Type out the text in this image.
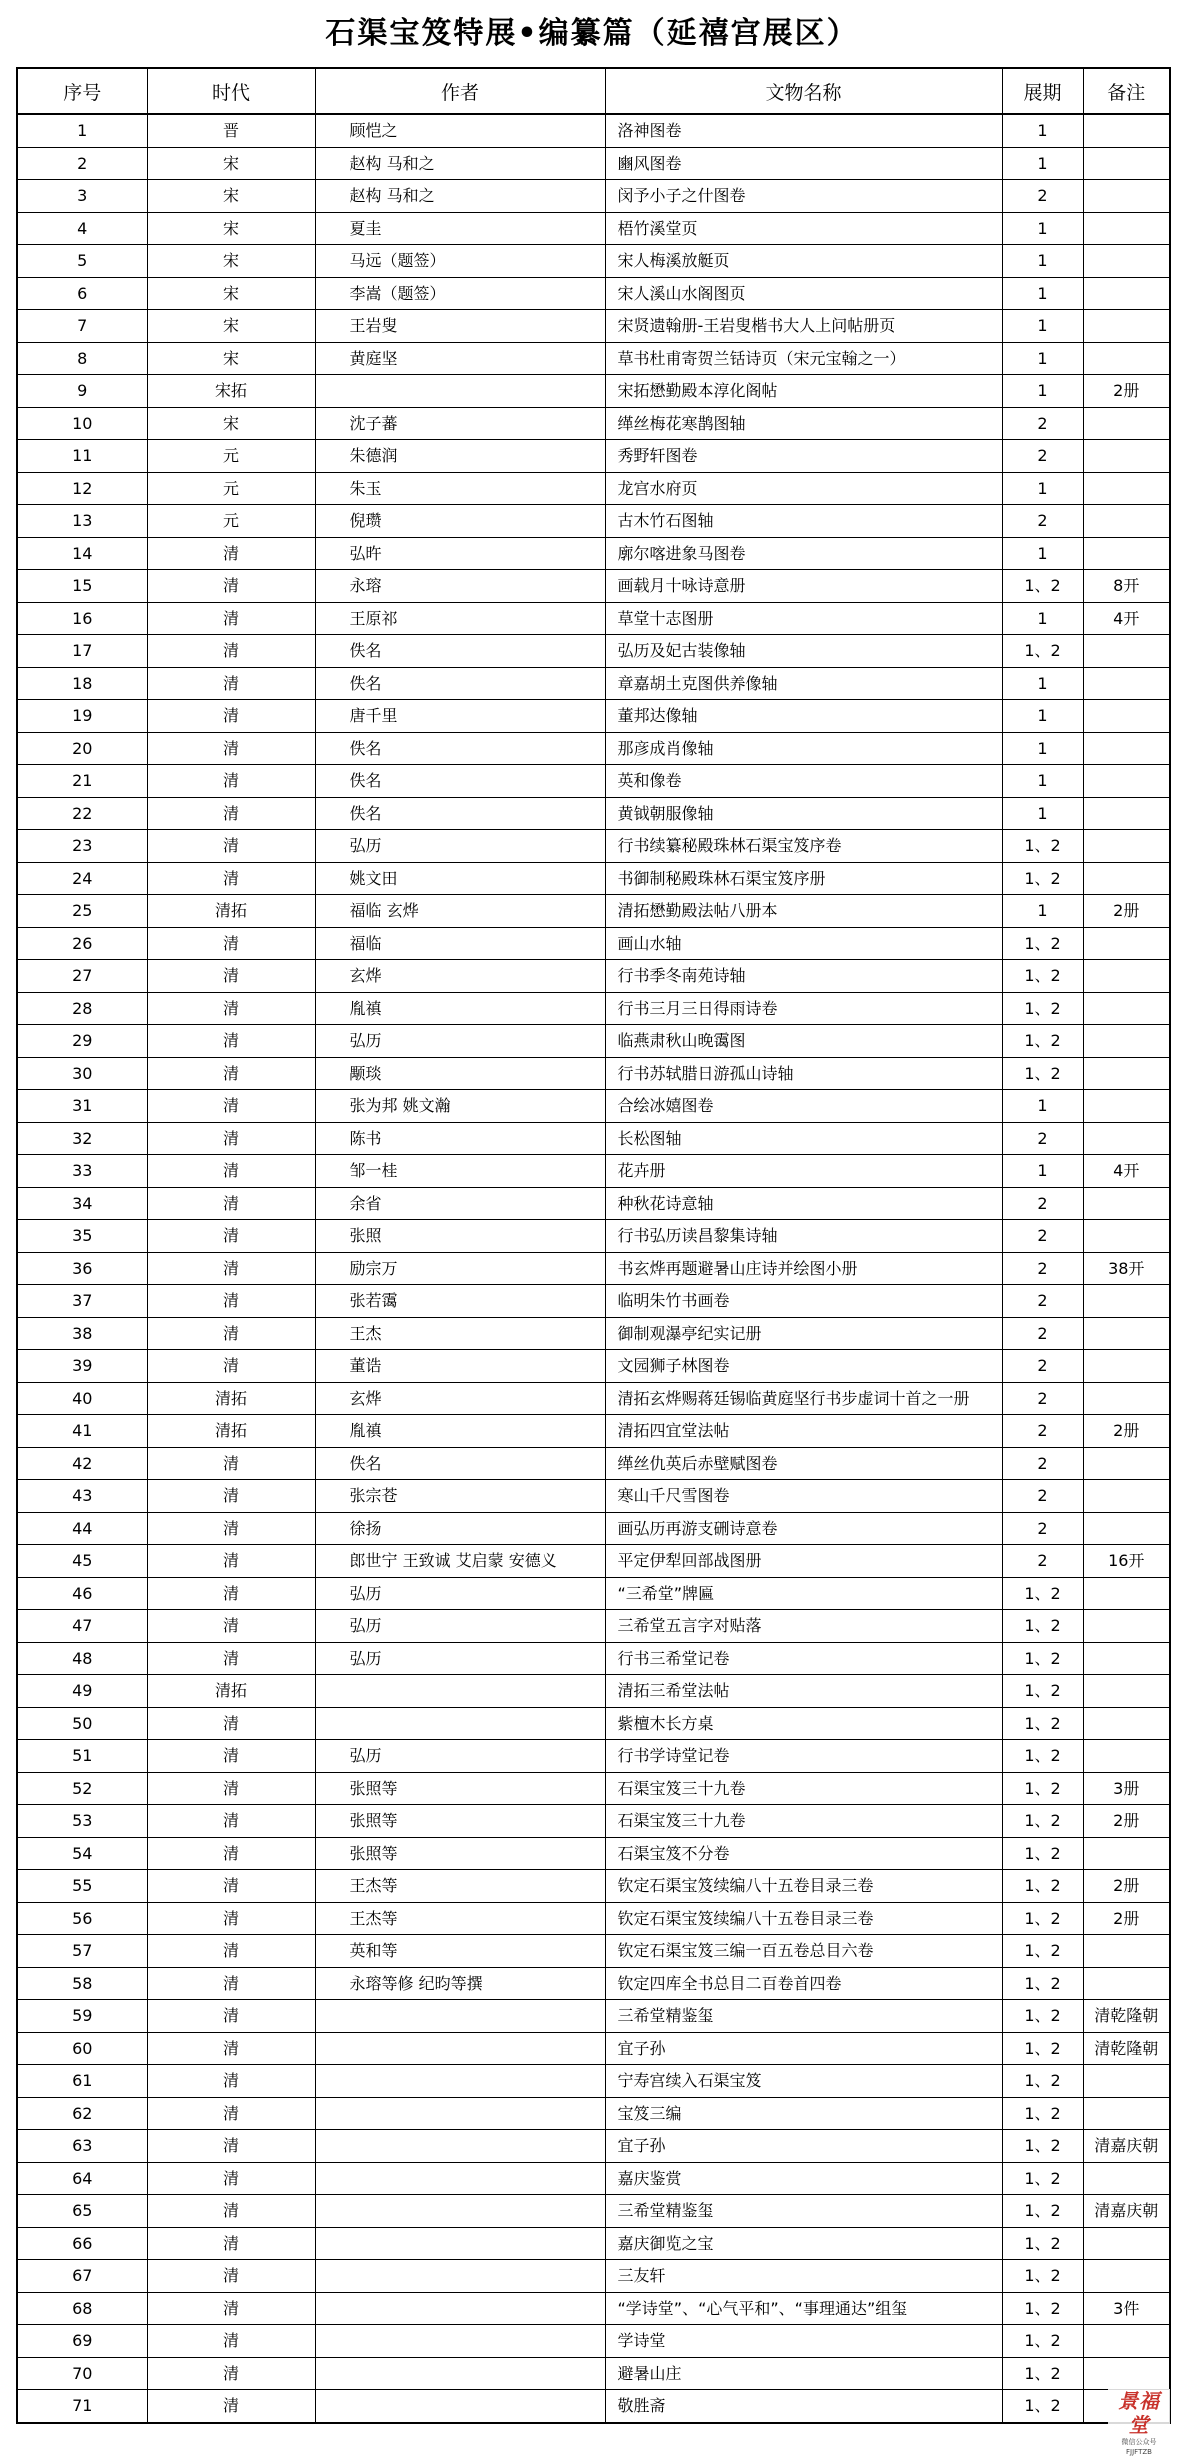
石渠宝笈特展•编纂篇（延禧宫展区）
序号	时代	作者	文物名称	展期	备注
1	晋	顾恺之	洛神图卷	1	
2	宋	赵构 马和之	豳风图卷	1	
3	宋	赵构 马和之	闵予小子之什图卷	2	
4	宋	夏圭	梧竹溪堂页	1	
5	宋	马远（题签）	宋人梅溪放艇页	1	
6	宋	李嵩（题签）	宋人溪山水阁图页	1	
7	宋	王岩叟	宋贤遗翰册-王岩叟楷书大人上问帖册页	1	
8	宋	黄庭坚	草书杜甫寄贺兰铦诗页（宋元宝翰之一）	1	
9	宋拓		宋拓懋勤殿本淳化阁帖	1	2册
10	宋	沈子蕃	缂丝梅花寒鹊图轴	2	
11	元	朱德润	秀野轩图卷	2	
12	元	朱玉	龙宫水府页	1	
13	元	倪瓒	古木竹石图轴	2	
14	清	弘旿	廓尔喀进象马图卷	1	
15	清	永瑢	画载月十咏诗意册	1、2	8开
16	清	王原祁	草堂十志图册	1	4开
17	清	佚名	弘历及妃古装像轴	1、2	
18	清	佚名	章嘉胡土克图供养像轴	1	
19	清	唐千里	董邦达像轴	1	
20	清	佚名	那彦成肖像轴	1	
21	清	佚名	英和像卷	1	
22	清	佚名	黄钺朝服像轴	1	
23	清	弘历	行书续纂秘殿珠林石渠宝笈序卷	1、2	
24	清	姚文田	书御制秘殿珠林石渠宝笈序册	1、2	
25	清拓	福临 玄烨	清拓懋勤殿法帖八册本	1	2册
26	清	福临	画山水轴	1、2	
27	清	玄烨	行书季冬南苑诗轴	1、2	
28	清	胤禛	行书三月三日得雨诗卷	1、2	
29	清	弘历	临燕肃秋山晚霭图	1、2	
30	清	颙琰	行书苏轼腊日游孤山诗轴	1、2	
31	清	张为邦 姚文瀚	合绘冰嬉图卷	1	
32	清	陈书	长松图轴	2	
33	清	邹一桂	花卉册	1	4开
34	清	余省	种秋花诗意轴	2	
35	清	张照	行书弘历读昌黎集诗轴	2	
36	清	励宗万	书玄烨再题避暑山庄诗并绘图小册	2	38开
37	清	张若霭	临明朱竹书画卷	2	
38	清	王杰	御制观瀑亭纪实记册	2	
39	清	董诰	文园狮子林图卷	2	
40	清拓	玄烨	清拓玄烨赐蒋廷锡临黄庭坚行书步虚词十首之一册	2	
41	清拓	胤禛	清拓四宜堂法帖	2	2册
42	清	佚名	缂丝仇英后赤壁赋图卷	2	
43	清	张宗苍	寒山千尺雪图卷	2	
44	清	徐扬	画弘历再游支硎诗意卷	2	
45	清	郎世宁 王致诚 艾启蒙 安德义	平定伊犁回部战图册	2	16开
46	清	弘历	“三希堂”牌匾	1、2	
47	清	弘历	三希堂五言字对贴落	1、2	
48	清	弘历	行书三希堂记卷	1、2	
49	清拓		清拓三希堂法帖	1、2	
50	清		紫檀木长方桌	1、2	
51	清	弘历	行书学诗堂记卷	1、2	
52	清	张照等	石渠宝笈三十九卷	1、2	3册
53	清	张照等	石渠宝笈三十九卷	1、2	2册
54	清	张照等	石渠宝笈不分卷	1、2	
55	清	王杰等	钦定石渠宝笈续编八十五卷目录三卷	1、2	2册
56	清	王杰等	钦定石渠宝笈续编八十五卷目录三卷	1、2	2册
57	清	英和等	钦定石渠宝笈三编一百五卷总目六卷	1、2	
58	清	永瑢等修 纪昀等撰	钦定四库全书总目二百卷首四卷	1、2	
59	清		三希堂精鉴玺	1、2	清乾隆朝
60	清		宜子孙	1、2	清乾隆朝
61	清		宁寿宫续入石渠宝笈	1、2	
62	清		宝笈三编	1、2	
63	清		宜子孙	1、2	清嘉庆朝
64	清		嘉庆鉴赏	1、2	
65	清		三希堂精鉴玺	1、2	清嘉庆朝
66	清		嘉庆御览之宝	1、2	
67	清		三友轩	1、2	
68	清		“学诗堂”、“心气平和”、“事理通达”组玺	1、2	3件
69	清		学诗堂	1、2	
70	清		避暑山庄	1、2	
71	清		敬胜斋	1、2		景福堂
微信公众号 FJJFTZB
